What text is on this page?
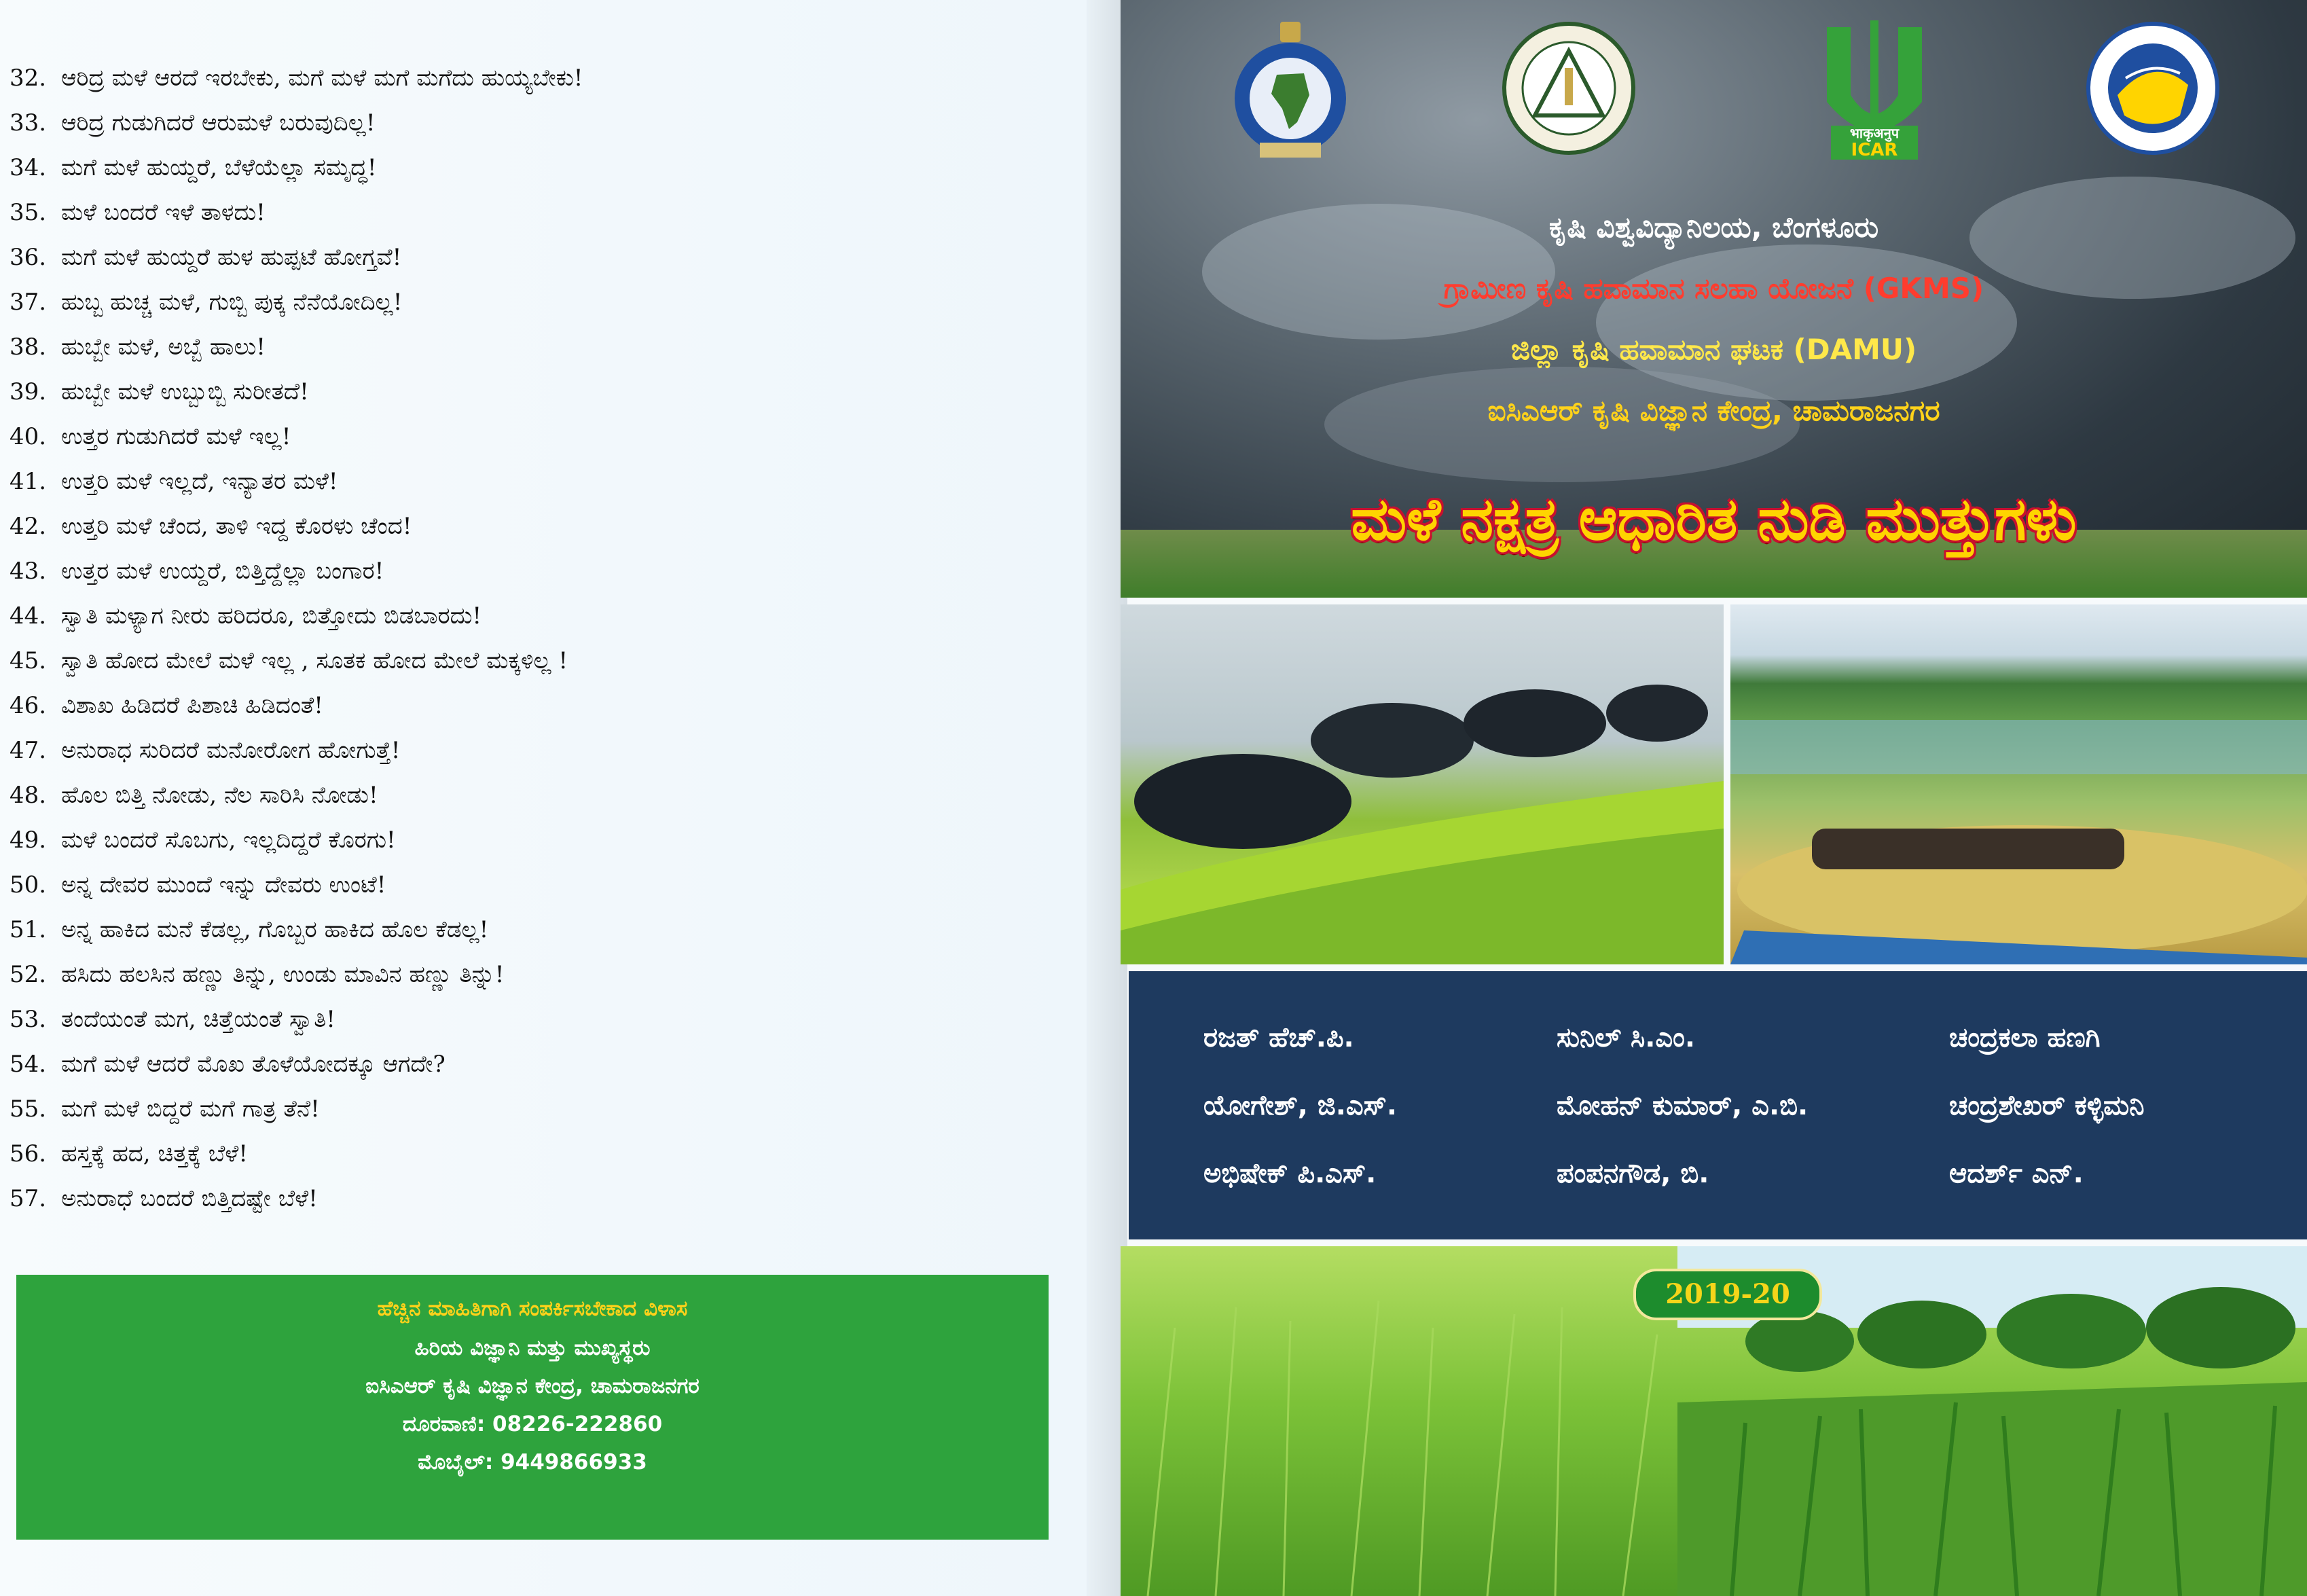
32. ಆರಿದ್ರ ಮಳೆ ಆರದೆ ಇರಬೇಕು, ಮಗೆ ಮಳೆ ಮಗೆ ಮಗೆದು ಹುಯ್ಯಬೇಕು!
33. ಆರಿದ್ರ ಗುಡುಗಿದರೆ ಆರುಮಳೆ ಬರುವುದಿಲ್ಲ!
34. ಮಗೆ ಮಳೆ ಹುಯ್ದರೆ, ಬೆಳೆಯೆಲ್ಲಾ ಸಮೃದ್ಧ!
35. ಮಳೆ ಬಂದರೆ ಇಳೆ ತಾಳದು!
36. ಮಗೆ ಮಳೆ ಹುಯ್ದರೆ ಹುಳ ಹುಪ್ಪಟೆ ಹೋಗ್ತವೆ!
37. ಹುಬ್ಬ ಹುಚ್ಚ ಮಳೆ, ಗುಬ್ಬಿ ಪುಕ್ಕ ನೆನೆಯೋದಿಲ್ಲ!
38. ಹುಬ್ಬೇ ಮಳೆ, ಅಬ್ಬೆ ಹಾಲು!
39. ಹುಬ್ಬೇ ಮಳೆ ಉಬ್ಬುಬ್ಬಿ ಸುರೀತದೆ!
40. ಉತ್ತರ ಗುಡುಗಿದರೆ ಮಳೆ ಇಲ್ಲ!
41. ಉತ್ತರಿ ಮಳೆ ಇಲ್ಲದೆ, ಇನ್ಯಾತರ ಮಳೆ!
42. ಉತ್ತರಿ ಮಳೆ ಚೆಂದ, ತಾಳಿ ಇದ್ದ ಕೊರಳು ಚೆಂದ!
43. ಉತ್ತರ ಮಳೆ ಉಯ್ದರೆ, ಬಿತ್ತಿದ್ದೆಲ್ಲಾ ಬಂಗಾರ!
44. ಸ್ವಾತಿ ಮಳ್ಯಾಗ ನೀರು ಹರಿದರೂ, ಬಿತ್ತೋದು ಬಿಡಬಾರದು!
45. ಸ್ವಾತಿ ಹೋದ ಮೇಲೆ ಮಳೆ ಇಲ್ಲ , ಸೂತಕ ಹೋದ ಮೇಲೆ ಮಕ್ಕಳಿಲ್ಲ !
46. ವಿಶಾಖ ಹಿಡಿದರೆ ಪಿಶಾಚಿ ಹಿಡಿದಂತೆ!
47. ಅನುರಾಧ ಸುರಿದರೆ ಮನೋರೋಗ ಹೋಗುತ್ತೆ!
48. ಹೊಲ ಬಿತ್ತಿ ನೋಡು, ನೆಲ ಸಾರಿಸಿ ನೋಡು!
49. ಮಳೆ ಬಂದರೆ ಸೊಬಗು, ಇಲ್ಲದಿದ್ದರೆ ಕೊರಗು!
50. ಅನ್ನ ದೇವರ ಮುಂದೆ ಇನ್ನು ದೇವರು ಉಂಟೆ!
51. ಅನ್ನ ಹಾಕಿದ ಮನೆ ಕೆಡಲ್ಲ, ಗೊಬ್ಬರ ಹಾಕಿದ ಹೊಲ ಕೆಡಲ್ಲ!
52. ಹಸಿದು ಹಲಸಿನ ಹಣ್ಣು ತಿನ್ನು, ಉಂಡು ಮಾವಿನ ಹಣ್ಣು ತಿನ್ನು!
53. ತಂದೆಯಂತೆ ಮಗ, ಚಿತ್ತೆಯಂತೆ ಸ್ವಾತಿ!
54. ಮಗೆ ಮಳೆ ಆದರೆ ಮೊಖ ತೊಳೆಯೋದಕ್ಕೂ ಆಗದೇ?
55. ಮಗೆ ಮಳೆ ಬಿದ್ದರೆ ಮಗೆ ಗಾತ್ರ ತೆನೆ!
56. ಹಸ್ತಕ್ಕೆ ಹದ, ಚಿತ್ತಕ್ಕೆ ಬೆಳೆ!
57. ಅನುರಾಧೆ ಬಂದರೆ ಬಿತ್ತಿದಷ್ಟೇ ಬೆಳೆ!
ಹೆಚ್ಚಿನ ಮಾಹಿತಿಗಾಗಿ ಸಂಪರ್ಕಿಸಬೇಕಾದ ವಿಳಾಸ
ಹಿರಿಯ ವಿಜ್ಞಾನಿ ಮತ್ತು ಮುಖ್ಯಸ್ಥರು
ಐಸಿಎಆರ್ ಕೃಷಿ ವಿಜ್ಞಾನ ಕೇಂದ್ರ, ಚಾಮರಾಜನಗರ
ದೂರವಾಣಿ: 08226-222860
ಮೊಬೈಲ್: 9449866933
भाकृअनुप
ICAR
ಕೃಷಿ ವಿಶ್ವವಿದ್ಯಾನಿಲಯ, ಬೆಂಗಳೂರು
ಗ್ರಾಮೀಣ ಕೃಷಿ ಹವಾಮಾನ ಸಲಹಾ ಯೋಜನೆ (GKMS)
ಜಿಲ್ಲಾ ಕೃಷಿ ಹವಾಮಾನ ಘಟಕ (DAMU)
ಐಸಿಎಆರ್ ಕೃಷಿ ವಿಜ್ಞಾನ ಕೇಂದ್ರ, ಚಾಮರಾಜನಗರ
ಮಳೆ ನಕ್ಷತ್ರ ಆಧಾರಿತ ನುಡಿ ಮುತ್ತುಗಳು
ರಜತ್ ಹೆಚ್.ಪಿ.
ಯೋಗೇಶ್, ಜಿ.ಎಸ್.
ಅಭಿಷೇಕ್ ಪಿ.ಎಸ್.
ಸುನಿಲ್ ಸಿ.ಎಂ.
ಮೋಹನ್ ಕುಮಾರ್, ಎ.ಬಿ.
ಪಂಪನಗೌಡ, ಬಿ.
ಚಂದ್ರಕಲಾ ಹಣಗಿ
ಚಂದ್ರಶೇಖರ್ ಕಳ್ಳಿಮನಿ
ಆದರ್ಶ್ ಎನ್.
2019-20
